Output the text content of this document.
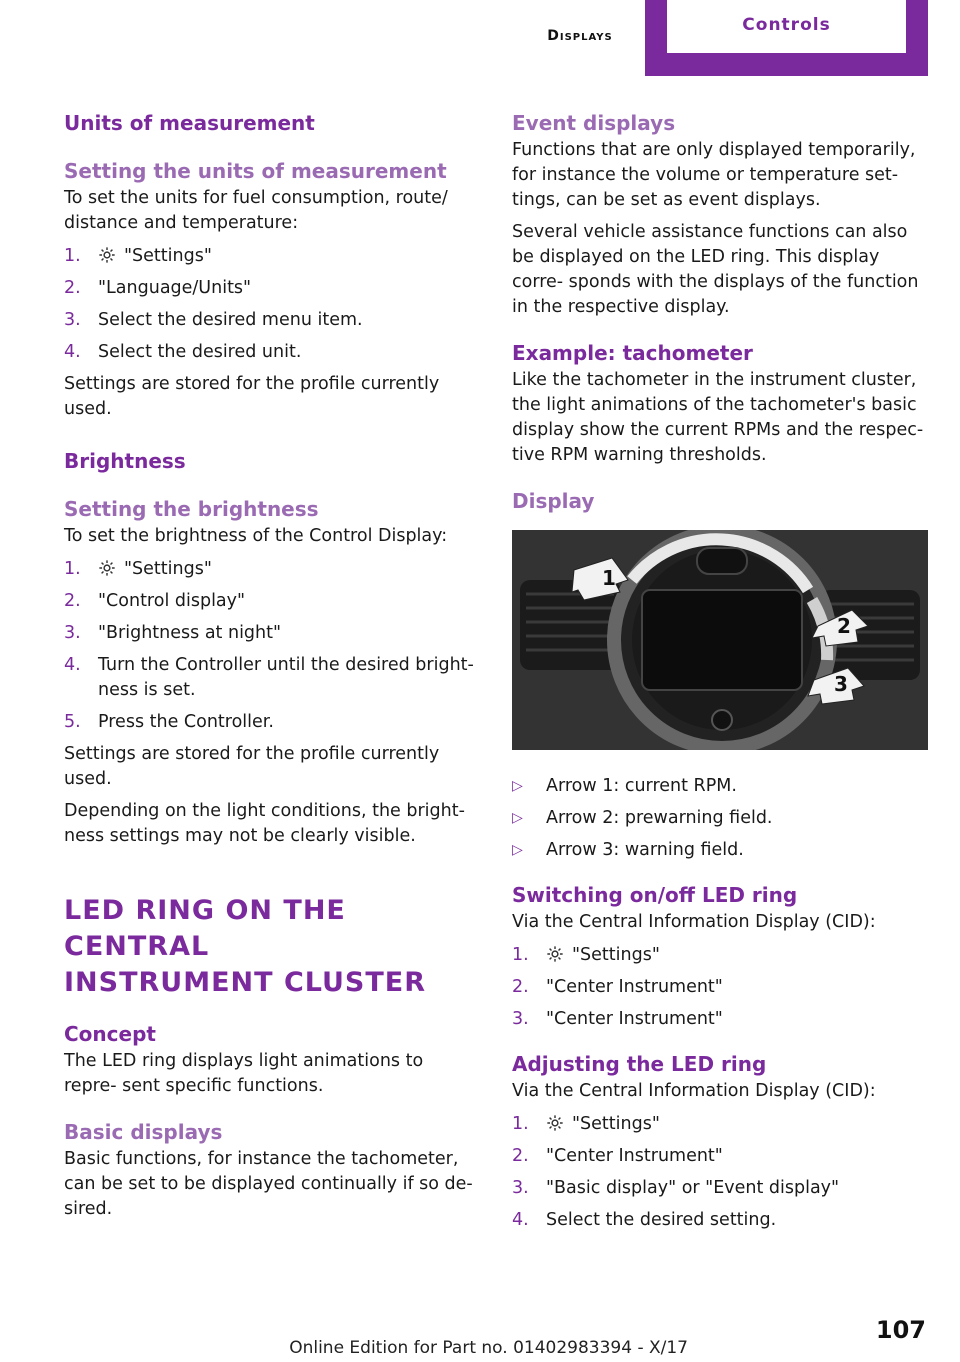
Displays
Controls
Units of measurement
Setting the units of measurement

To set the units for fuel consumption, route/ distance and temperature:

1. "Settings"
2. "Language/Units"
3. Select the desired menu item.
4. Select the desired unit.

Settings are stored for the profile currently used.

Brightness
Setting the brightness

To set the brightness of the Control Display:

1. "Settings"
2. "Control display"
3. "Brightness at night"
4. Turn the Controller until the desired bright‐ ness is set.
5. Press the Controller.

Settings are stored for the profile currently used.

Depending on the light conditions, the bright‐ ness settings may not be clearly visible.

LED RING ON THE CENTRAL
INSTRUMENT CLUSTER
Concept

The LED ring displays light animations to repre‐ sent specific functions.

Basic displays

Basic functions, for instance the tachometer, can be set to be displayed continually if so de‐ sired.

Event displays

Functions that are only displayed temporarily, for instance the volume or temperature set‐ tings, can be set as event displays.

Several vehicle assistance functions can also be displayed on the LED ring. This display corre‐ sponds with the displays of the function in the respective display.

Example: tachometer

Like the tachometer in the instrument cluster, the light animations of the tachometer's basic display show the current RPMs and the respec‐ tive RPM warning thresholds.

Display
1
2
3
▷ Arrow 1: current RPM.
▷ Arrow 2: prewarning field.
▷ Arrow 3: warning field.
Switching on/off LED ring

Via the Central Information Display (CID):

1. "Settings"
2. "Center Instrument"
3. "Center Instrument"
Adjusting the LED ring

Via the Central Information Display (CID):

1. "Settings"
2. "Center Instrument"
3. "Basic display" or "Event display"
4. Select the desired setting.
Online Edition for Part no. 01402983394 - X/17
107
